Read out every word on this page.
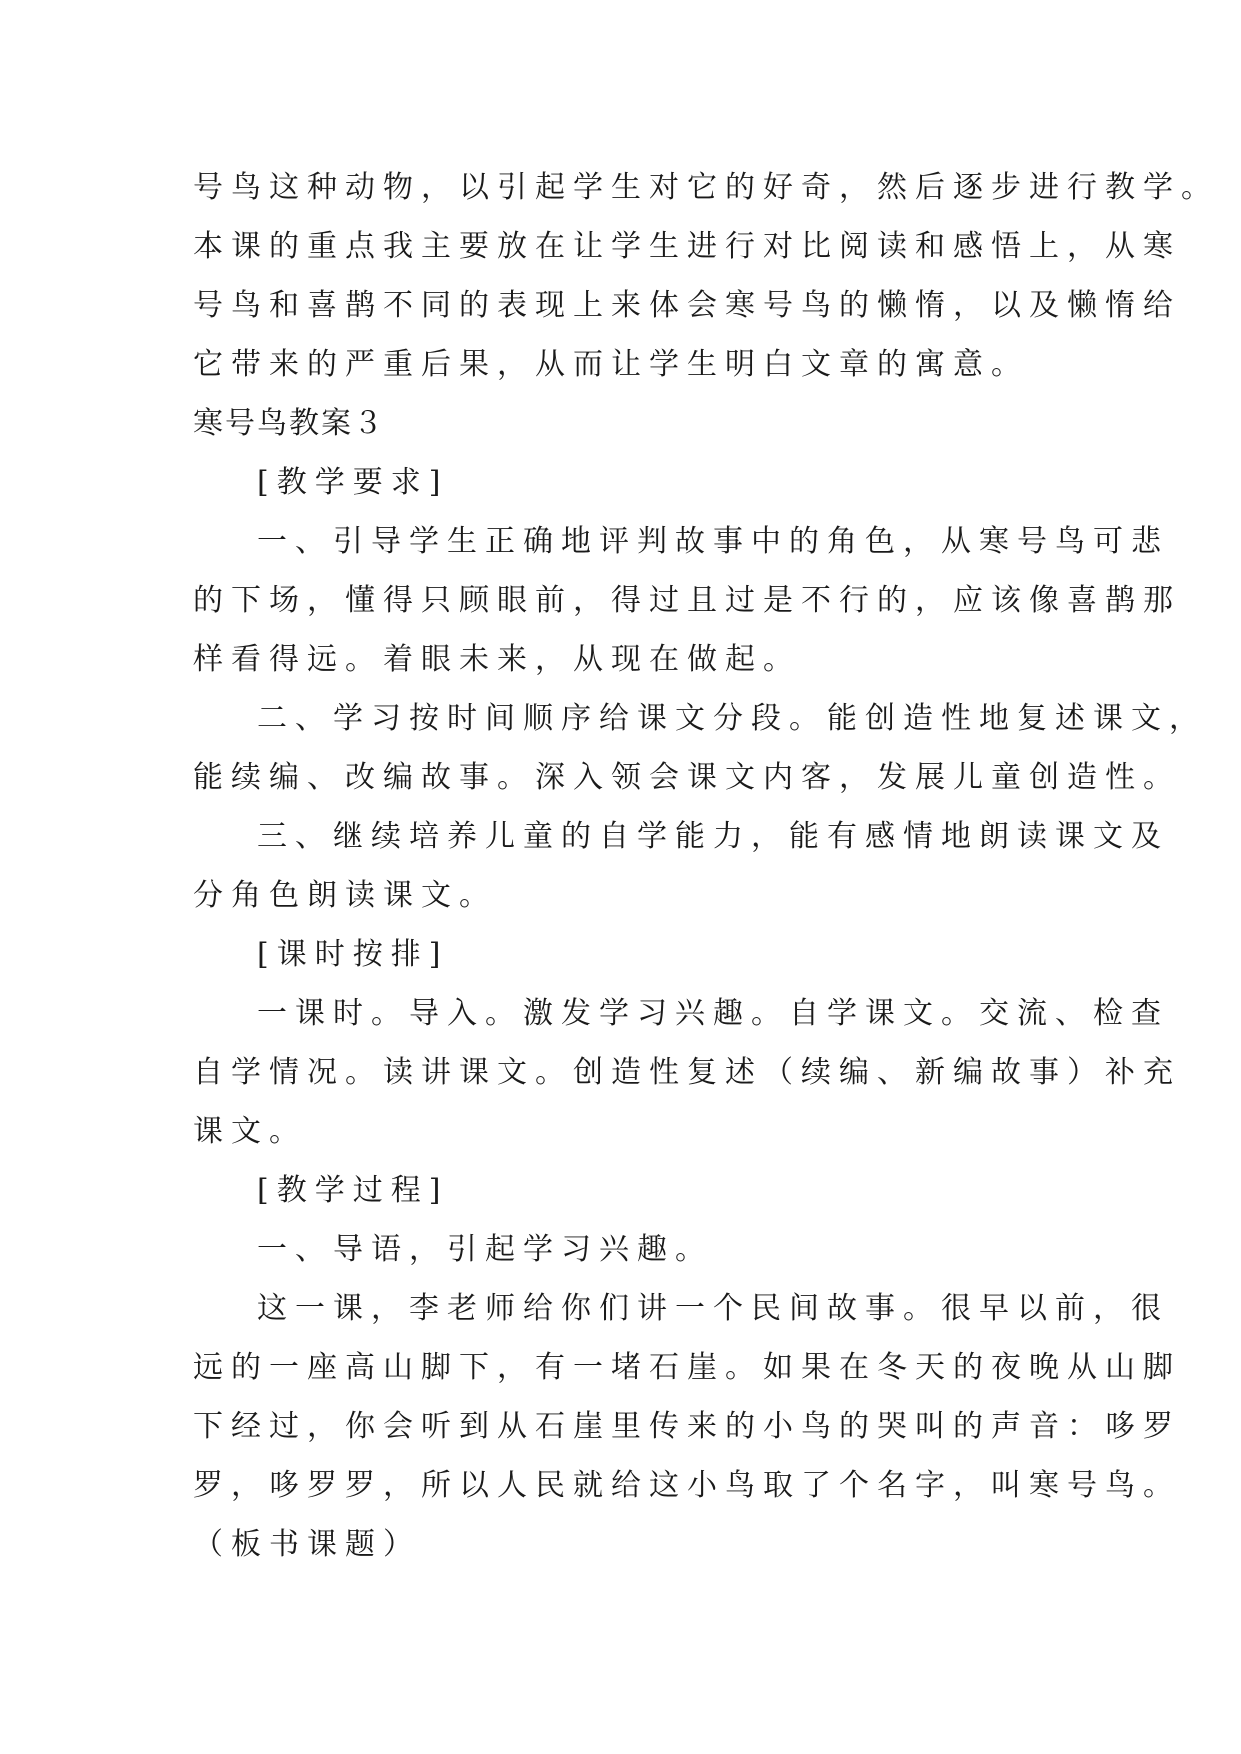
号鸟这种动物，以引起学生对它的好奇，然后逐步进行教学。
本课的重点我主要放在让学生进行对比阅读和感悟上，从寒
号鸟和喜鹊不同的表现上来体会寒号鸟的懒惰，以及懒惰给
它带来的严重后果，从而让学生明白文章的寓意。
寒号鸟教案３
[教学要求]
一、引导学生正确地评判故事中的角色，从寒号鸟可悲
的下场，懂得只顾眼前，得过且过是不行的，应该像喜鹊那
样看得远。着眼未来，从现在做起。
二、学习按时间顺序给课文分段。能创造性地复述课文，
能续编、改编故事。深入领会课文内客，发展儿童创造性。
三、继续培养儿童的自学能力，能有感情地朗读课文及
分角色朗读课文。
[课时按排]
一课时。导入。激发学习兴趣。自学课文。交流、检查
自学情况。读讲课文。创造性复述（续编、新编故事）补充
课文。
[教学过程]
一、导语，引起学习兴趣。
这一课，李老师给你们讲一个民间故事。很早以前，很
远的一座高山脚下，有一堵石崖。如果在冬天的夜晚从山脚
下经过，你会听到从石崖里传来的小鸟的哭叫的声音：哆罗
罗，哆罗罗，所以人民就给这小鸟取了个名字，叫寒号鸟。
（板书课题）
